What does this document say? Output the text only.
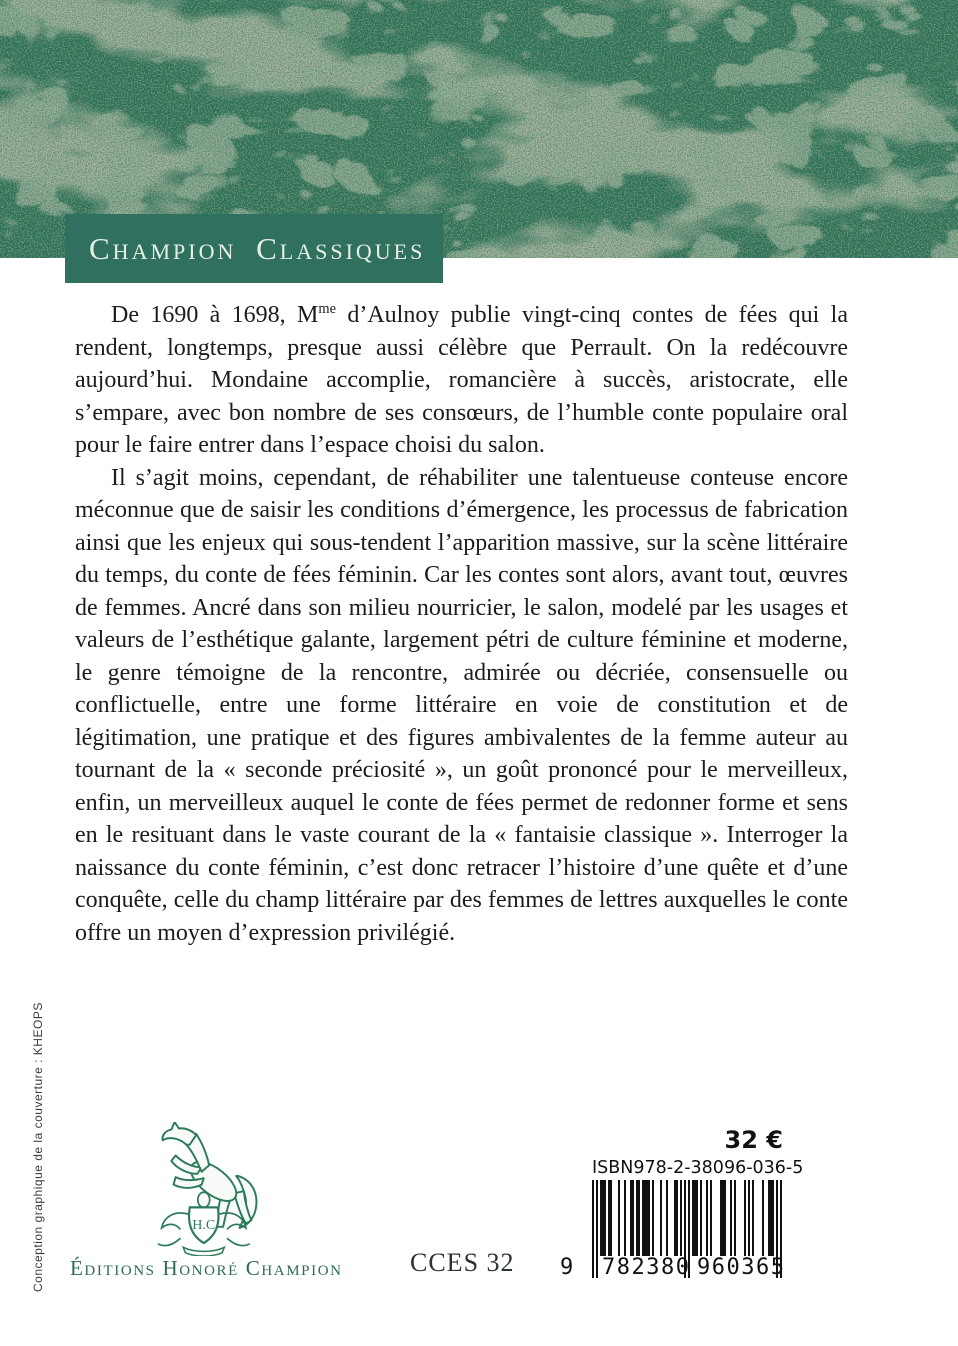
Champion Classiques

De 1690 à 1698, $M^{me}$ d’Aulnoy publie vingt-cinq contes de fées qui la rendent, longtemps, presque aussi célèbre que Perrault. On la redécouvre aujourd’hui. Mondaine accomplie, romancière à succès, aristocrate, elle s’empare, avec bon nombre de ses consœurs, de l’humble conte populaire oral pour le faire entrer dans l’espace choisi du salon.

Il s’agit moins, cependant, de réhabiliter une talentueuse conteuse encore méconnue que de saisir les conditions d’émergence, les processus de fabrication ainsi que les enjeux qui sous-tendent l’apparition massive, sur la scène littéraire du temps, du conte de fées féminin. Car les contes sont alors, avant tout, œuvres de femmes. Ancré dans son milieu nourricier, le salon, modelé par les usages et valeurs de l’esthétique galante, largement pétri de culture féminine et moderne, le genre témoigne de la rencontre, admirée ou décriée, consensuelle ou conflictuelle, entre une forme littéraire en voie de constitution et de légitimation, une pratique et des figures ambivalentes de la femme auteur au tournant de la « seconde préciosité », un goût prononcé pour le merveilleux, enfin, un merveilleux auquel le conte de fées permet de redonner forme et sens en le resituant dans le vaste courant de la « fantaisie classique ». Interroger la naissance du conte féminin, c’est donc retracer l’histoire d’une quête et d’une conquête, celle du champ littéraire par des femmes de lettres auxquelles le conte offre un moyen d’expression privilégié.

Conception graphique de la couverture : KHEOPS	H.C
Éditions Honoré Champion	CCES 32
32 €
ISBN 978-2-38096-036-5
9 782380 960365
